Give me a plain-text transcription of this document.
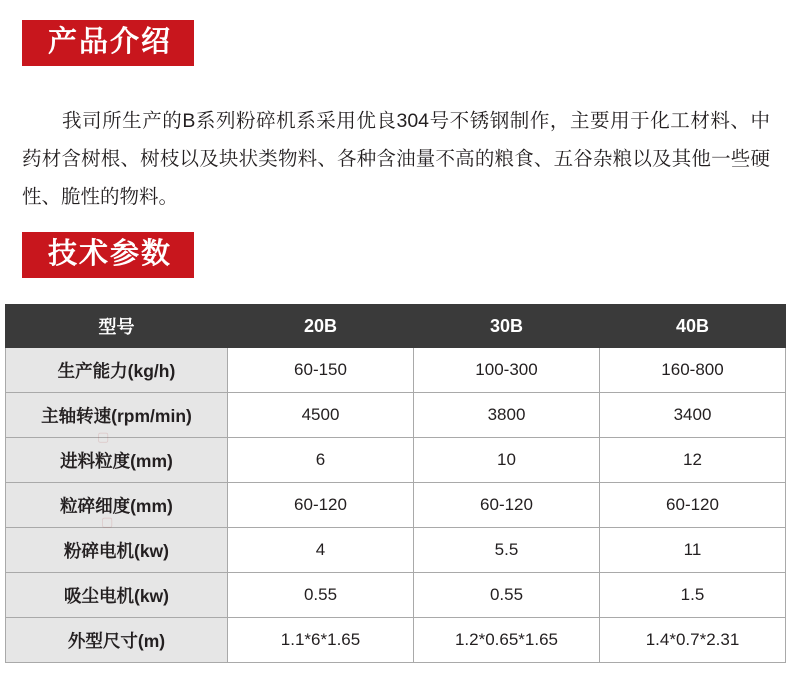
产品介绍

我司所生产的B系列粉碎机系采用优良304号不锈钢制作，主要用于化工材料、中药材含树根、树枝以及块状类物料、各种含油量不高的粮食、五谷杂粮以及其他一些硬性、脆性的物料。

技术参数
型号	20B	30B	40B
生产能力(kg/h)	60-150	100-300	160-800
主轴转速(rpm/min)	4500	3800	3400
进料粒度(mm)	6	10	12
粒碎细度(mm)	60-120	60-120	60-120
粉碎电机(kw)	4	5.5	11
吸尘电机(kw)	0.55	0.55	1.5
外型尺寸(m)	1.1*6*1.65	1.2*0.65*1.65	1.4*0.7*2.31
